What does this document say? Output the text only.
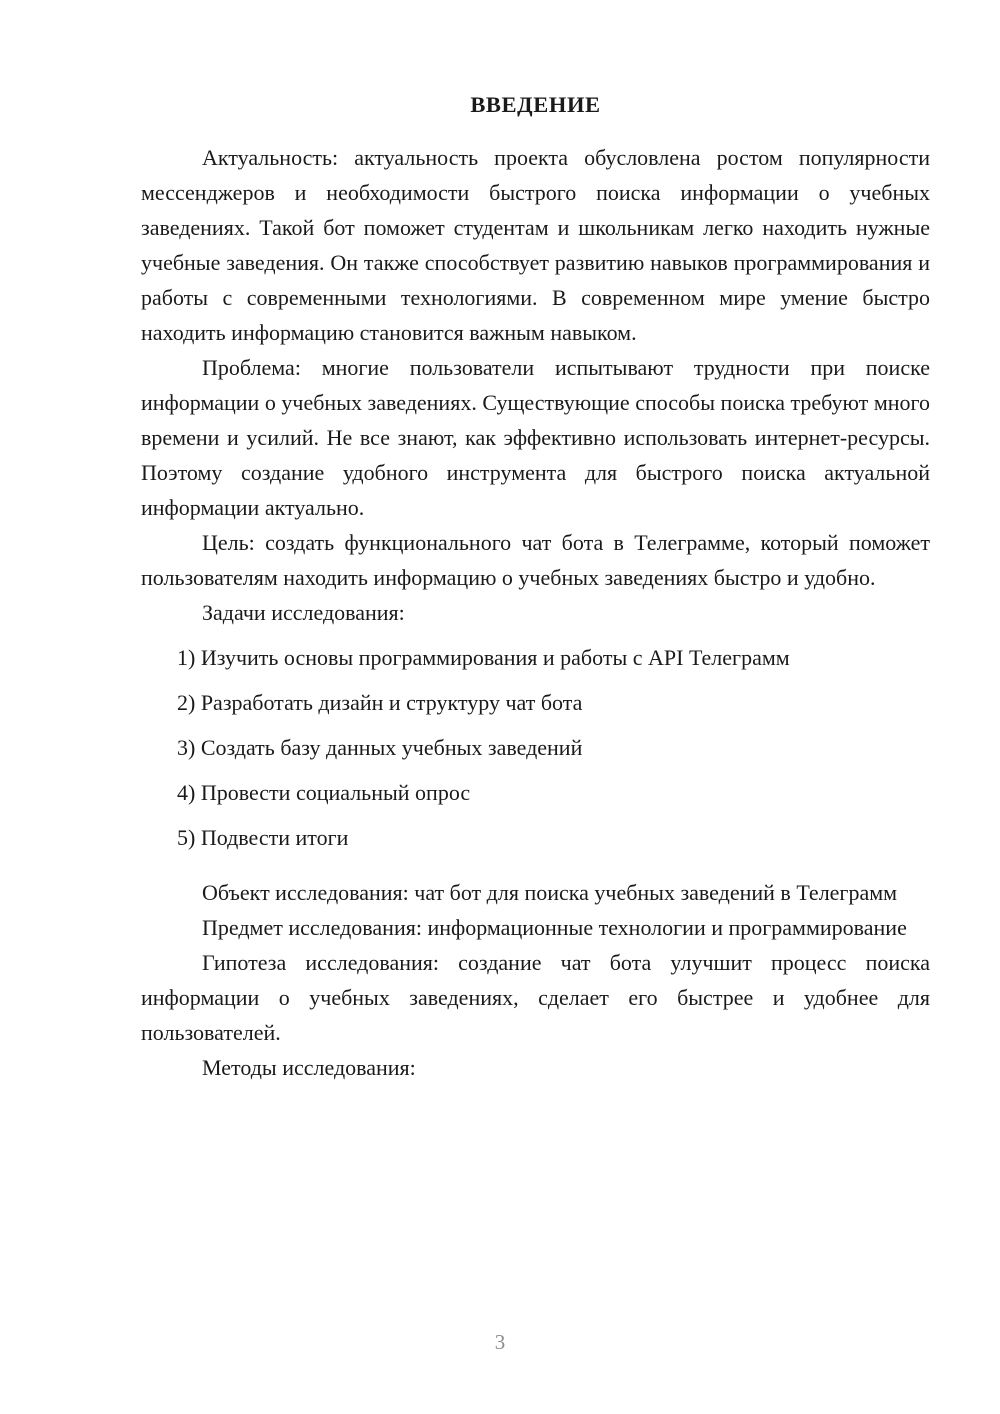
ВВЕДЕНИЕ

Актуальность: актуальность проекта обусловлена ростом популярности мессенджеров и необходимости быстрого поиска информации о учебных заведениях. Такой бот поможет студентам и школьникам легко находить нужные учебные заведения. Он также способствует развитию навыков программирования и работы с современными технологиями. В современном мире умение быстро находить информацию становится важным навыком.

Проблема: многие пользователи испытывают трудности при поиске информации о учебных заведениях. Существующие способы поиска требуют много времени и усилий. Не все знают, как эффективно использовать интернет-ресурсы. Поэтому создание удобного инструмента для быстрого поиска актуальной информации актуально.

Цель: создать функционального чат бота в Телеграмме, который поможет пользователям находить информацию о учебных заведениях быстро и удобно.

Задачи исследования:

1) Изучить основы программирования и работы с API Телеграмм
2) Разработать дизайн и структуру чат бота
3) Создать базу данных учебных заведений
4) Провести социальный опрос
5) Подвести итоги

Объект исследования: чат бот для поиска учебных заведений в Телеграмм

Предмет исследования: информационные технологии и программирование

Гипотеза исследования: создание чат бота улучшит процесс поиска информации о учебных заведениях, сделает его быстрее и удобнее для пользователей.

Методы исследования:

3
